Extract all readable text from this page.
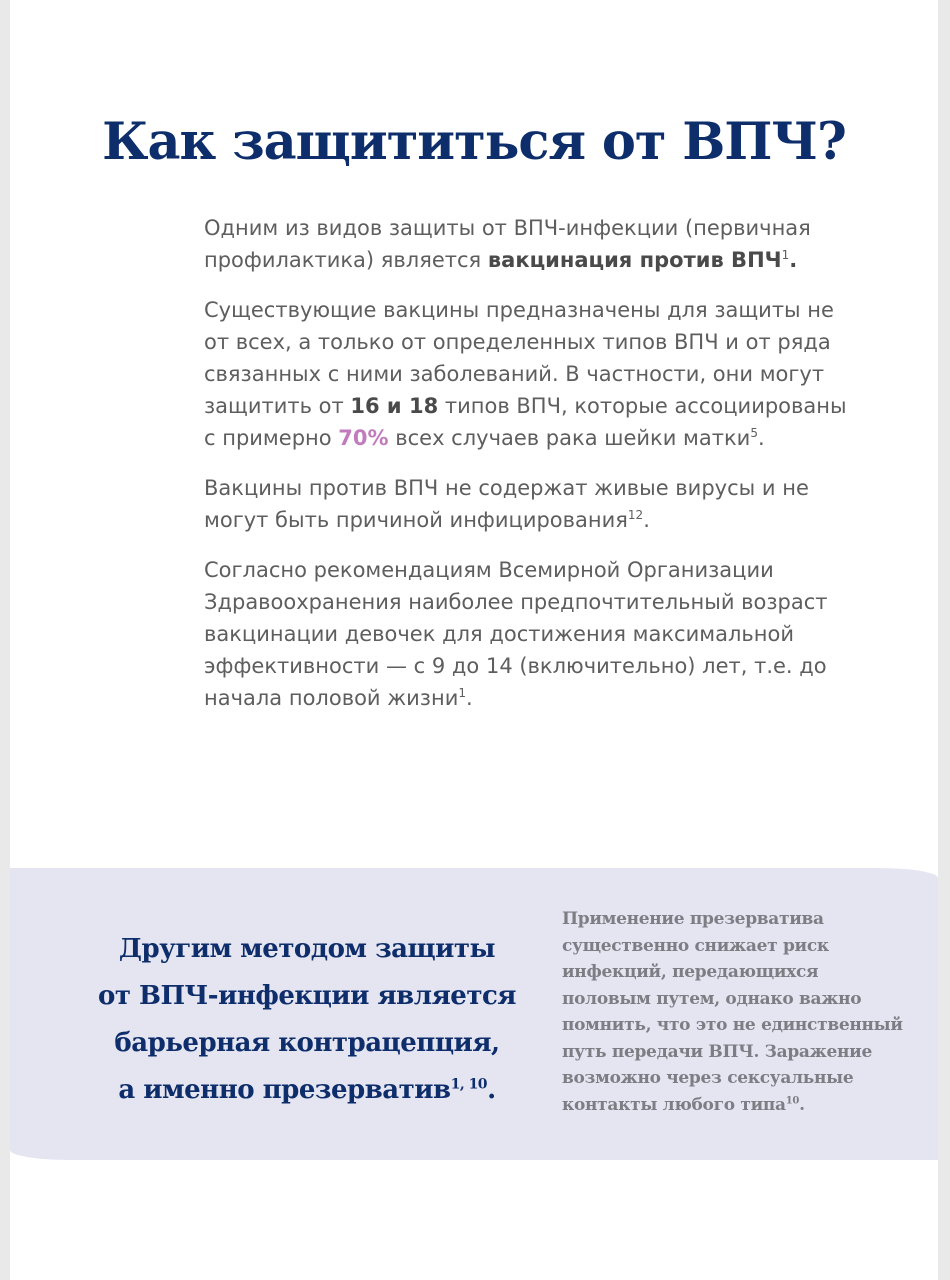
Как защититься от ВПЧ?

Одним из видов защиты от ВПЧ-инфекции (первичная профилактика) является вакцинация против ВПЧ$^1$.

Существующие вакцины предназначены для защиты не от всех, а только от определенных типов ВПЧ и от ряда связанных с ними заболеваний. В частности, они могут защитить от 16 и 18 типов ВПЧ, которые ассоциированы с примерно 70% всех случаев рака шейки матки$^5$.

Вакцины против ВПЧ не содержат живые вирусы и не могут быть причиной инфицирования$^{12}$.

Согласно рекомендациям Всемирной Организации Здравоохранения наиболее предпочтительный возраст вакцинации девочек для достижения максимальной эффективности — с 9 до 14 (включительно) лет, т.е. до начала половой жизни$^1$.

Другим методом защиты
от ВПЧ-инфекции является
барьерная контрацепция,
а именно презерватив$^{1, 10}$.
Применение презерватива существенно снижает риск инфекций, передающихся половым путем, однако важно помнить, что это не единственный путь передачи ВПЧ. Заражение возможно через сексуальные контакты любого типа$^{10}$.
